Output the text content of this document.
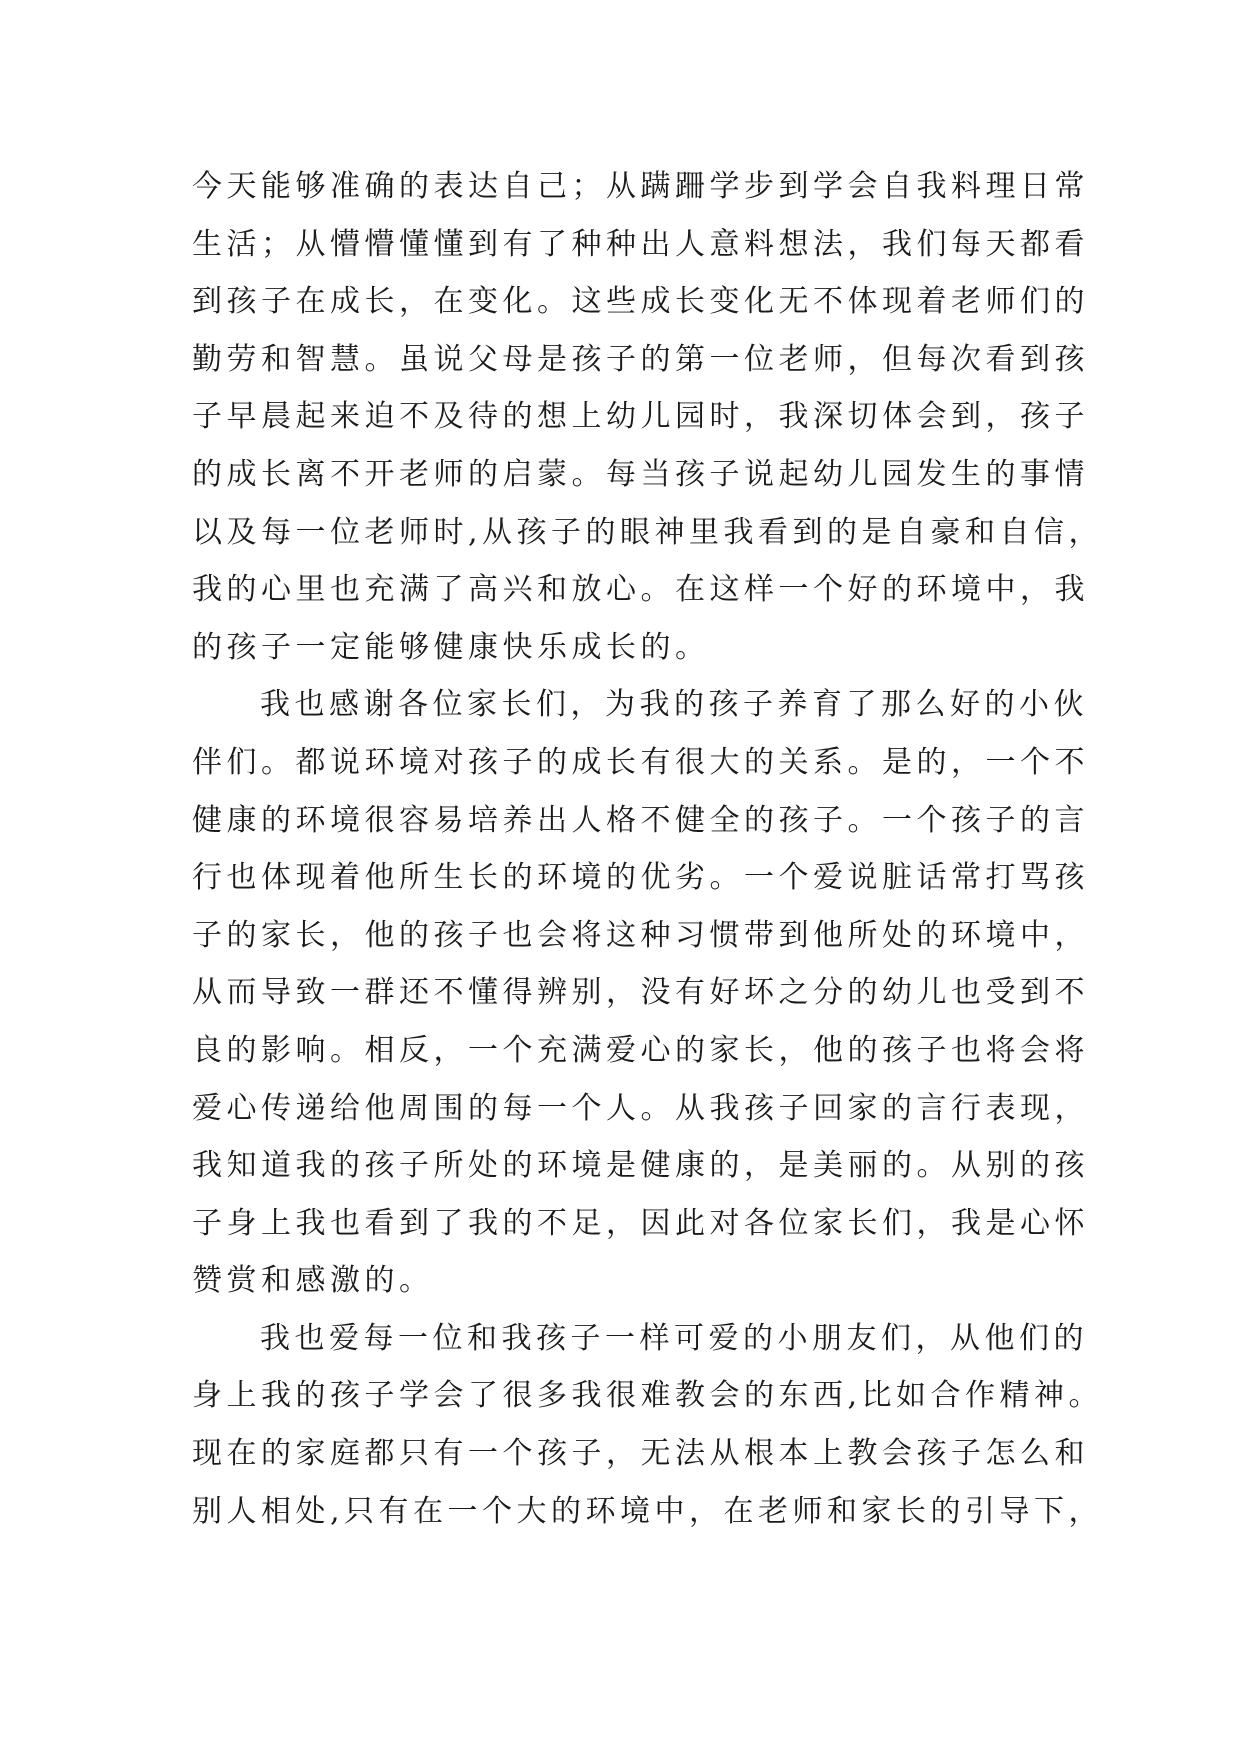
今天能够准确的表达自己；从蹒跚学步到学会自我料理日常
生活；从懵懵懂懂到有了种种出人意料想法，我们每天都看
到孩子在成长，在变化。这些成长变化无不体现着老师们的
勤劳和智慧。虽说父母是孩子的第一位老师，但每次看到孩
子早晨起来迫不及待的想上幼儿园时，我深切体会到，孩子
的成长离不开老师的启蒙。每当孩子说起幼儿园发生的事情
以及每一位老师时,从孩子的眼神里我看到的是自豪和自信，
我的心里也充满了高兴和放心。在这样一个好的环境中，我
的孩子一定能够健康快乐成长的。
我也感谢各位家长们，为我的孩子养育了那么好的小伙
伴们。都说环境对孩子的成长有很大的关系。是的，一个不
健康的环境很容易培养出人格不健全的孩子。一个孩子的言
行也体现着他所生长的环境的优劣。一个爱说脏话常打骂孩
子的家长，他的孩子也会将这种习惯带到他所处的环境中，
从而导致一群还不懂得辨别，没有好坏之分的幼儿也受到不
良的影响。相反，一个充满爱心的家长，他的孩子也将会将
爱心传递给他周围的每一个人。从我孩子回家的言行表现，
我知道我的孩子所处的环境是健康的，是美丽的。从别的孩
子身上我也看到了我的不足，因此对各位家长们，我是心怀
赞赏和感激的。
我也爱每一位和我孩子一样可爱的小朋友们，从他们的
身上我的孩子学会了很多我很难教会的东西,比如合作精神。
现在的家庭都只有一个孩子，无法从根本上教会孩子怎么和
别人相处,只有在一个大的环境中，在老师和家长的引导下，
